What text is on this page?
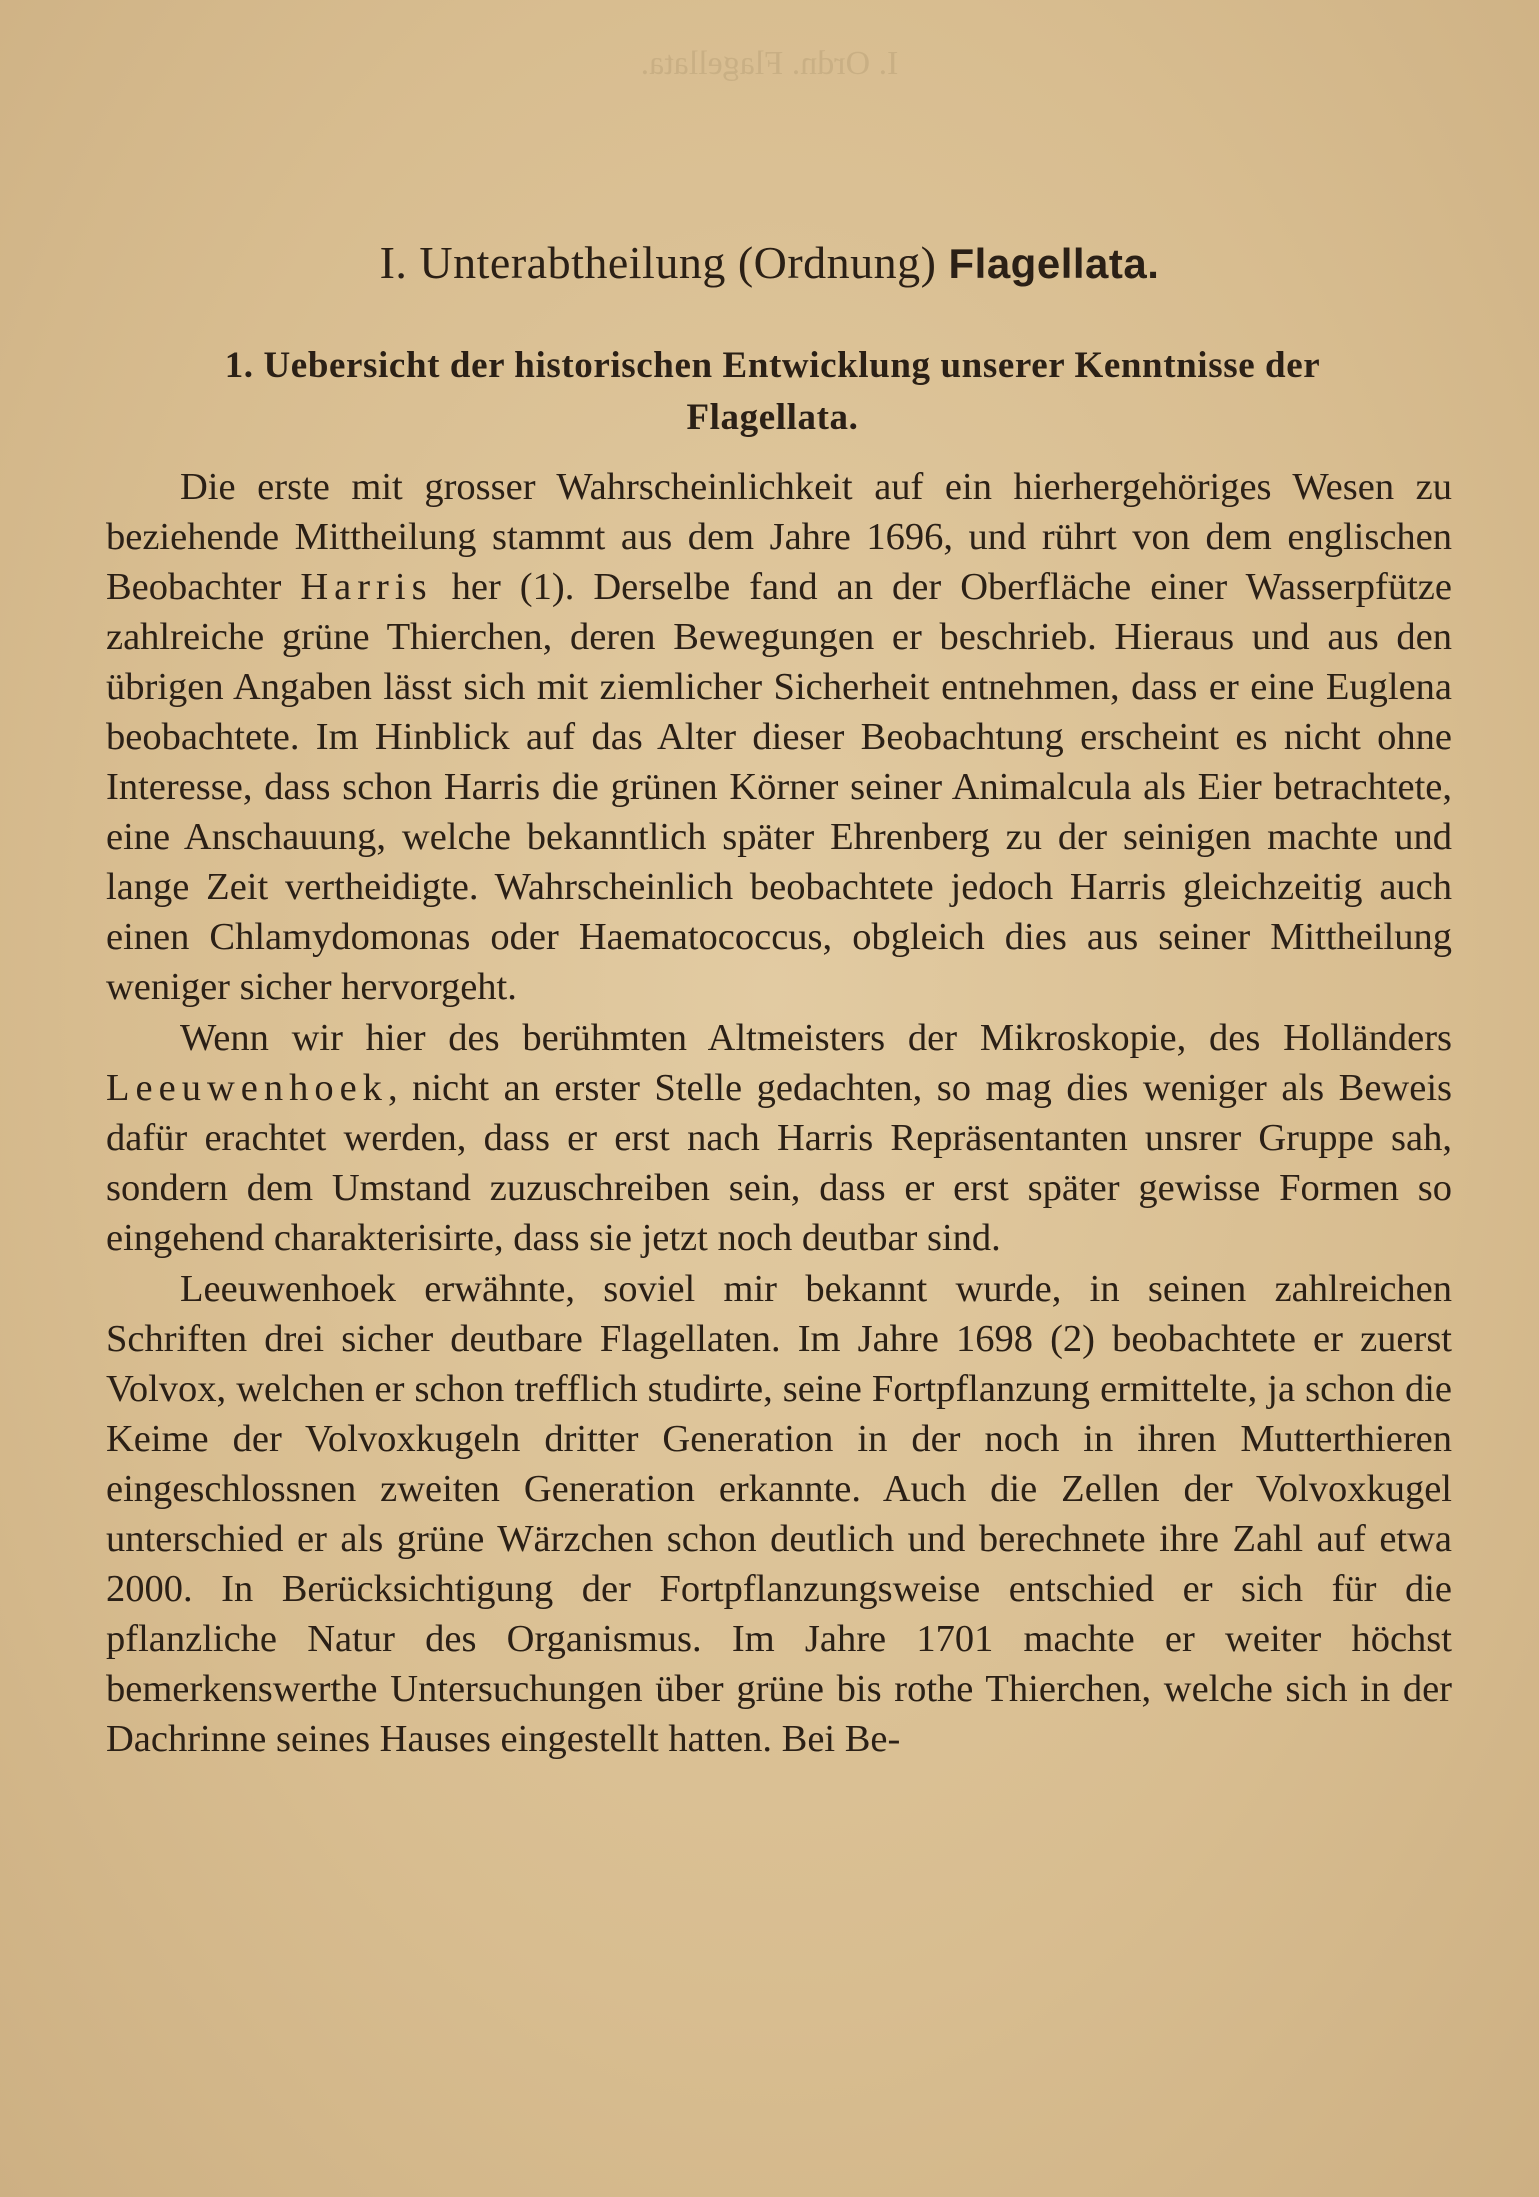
I. Ordn. Flagellata.
I. Unterabtheilung (Ordnung) Flagellata.
1. Uebersicht der historischen Entwicklung unserer Kenntnisse der Flagellata.

Die erste mit grosser Wahrscheinlichkeit auf ein hierhergehöriges Wesen zu beziehende Mittheilung stammt aus dem Jahre 1696, und rührt von dem englischen Beobachter Harris her (1). Derselbe fand an der Oberfläche einer Wasserpfütze zahlreiche grüne Thierchen, deren Bewegungen er beschrieb. Hieraus und aus den übrigen Angaben lässt sich mit ziemlicher Sicherheit entnehmen, dass er eine Euglena beobachtete. Im Hinblick auf das Alter dieser Beobachtung erscheint es nicht ohne Interesse, dass schon Harris die grünen Körner seiner Animalcula als Eier betrachtete, eine Anschauung, welche bekanntlich später Ehrenberg zu der seinigen machte und lange Zeit vertheidigte. Wahrscheinlich beobachtete jedoch Harris gleichzeitig auch einen Chlamydomonas oder Haematococcus, obgleich dies aus seiner Mittheilung weniger sicher hervorgeht.

Wenn wir hier des berühmten Altmeisters der Mikroskopie, des Holländers Leeuwenhoek, nicht an erster Stelle gedachten, so mag dies weniger als Beweis dafür erachtet werden, dass er erst nach Harris Repräsentanten unsrer Gruppe sah, sondern dem Umstand zuzuschreiben sein, dass er erst später gewisse Formen so eingehend charakterisirte, dass sie jetzt noch deutbar sind.

Leeuwenhoek erwähnte, soviel mir bekannt wurde, in seinen zahlreichen Schriften drei sicher deutbare Flagellaten. Im Jahre 1698 (2) beobachtete er zuerst Volvox, welchen er schon trefflich studirte, seine Fortpflanzung ermittelte, ja schon die Keime der Volvoxkugeln dritter Generation in der noch in ihren Mutterthieren eingeschlossnen zweiten Generation erkannte. Auch die Zellen der Volvoxkugel unterschied er als grüne Wärzchen schon deutlich und berechnete ihre Zahl auf etwa 2000. In Berücksichtigung der Fortpflanzungsweise entschied er sich für die pflanzliche Natur des Organismus. Im Jahre 1701 machte er weiter höchst bemerkenswerthe Untersuchungen über grüne bis rothe Thierchen, welche sich in der Dachrinne seines Hauses eingestellt hatten. Bei Be-
